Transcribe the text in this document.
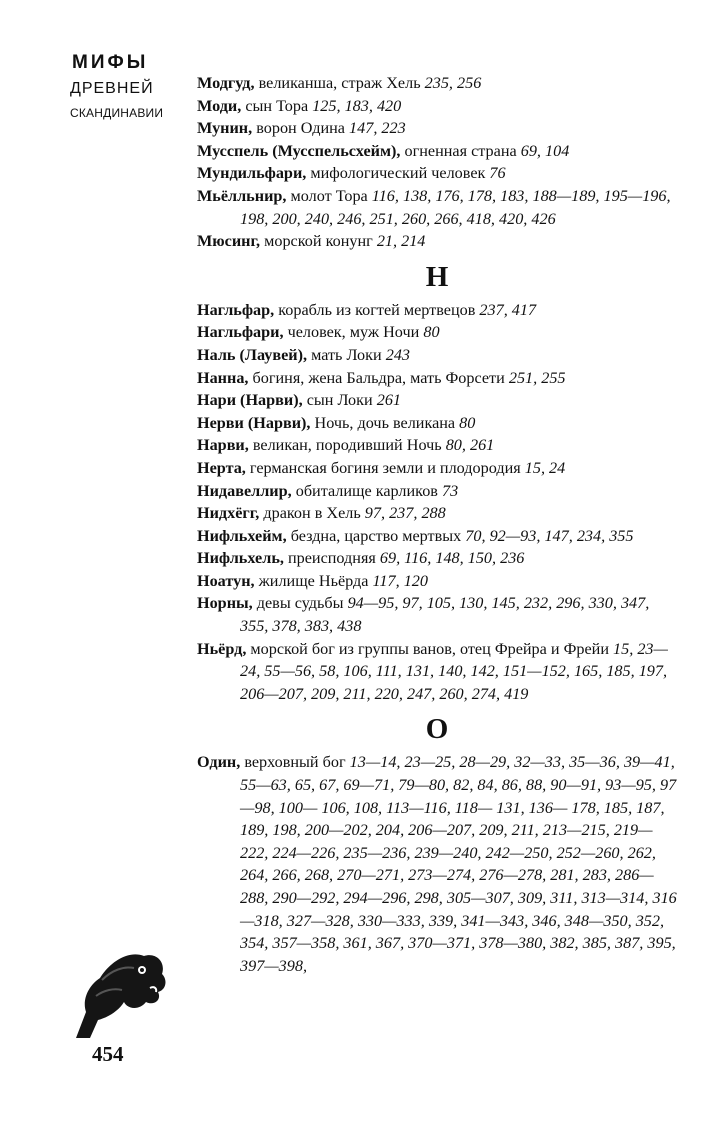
МИФЫ
ДРЕВНЕЙ
СКАНДИНАВИИ
454

Модгуд, великанша, страж Хель 235, 256

Моди, сын Тора 125, 183, 420

Мунин, ворон Одина 147, 223

Мусспель (Мусспельсхейм), огненная страна 69, 104

Мундильфари, мифологический человек 76

Мьёлльнир, молот Тора 116, 138, 176, 178, 183, 188—189, 195—196, 198, 200, 240, 246, 251, 260, 266, 418, 420, 426

Мюсинг, морской конунг 21, 214

Н

Нагльфар, корабль из когтей мертвецов 237, 417

Нагльфари, человек, муж Ночи 80

Наль (Лаувей), мать Локи 243

Нанна, богиня, жена Бальдра, мать Форсети 251, 255

Нари (Нарви), сын Локи 261

Нерви (Нарви), Ночь, дочь великана 80

Нарви, великан, породивший Ночь 80, 261

Нерта, германская богиня земли и плодородия 15, 24

Нидавеллир, обиталище карликов 73

Нидхёгг, дракон в Хель 97, 237, 288

Нифльхейм, бездна, царство мертвых 70, 92—93, 147, 234, 355

Нифльхель, преисподняя 69, 116, 148, 150, 236

Ноатун, жилище Ньёрда 117, 120

Норны, девы судьбы 94—95, 97, 105, 130, 145, 232, 296, 330, 347, 355, 378, 383, 438

Ньёрд, морской бог из группы ванов, отец Фрейра и Фрейи 15, 23—24, 55—56, 58, 106, 111, 131, 140, 142, 151—152, 165, 185, 197, 206—207, 209, 211, 220, 247, 260, 274, 419

О

Один, верховный бог 13—14, 23—25, 28—29, 32—33, 35—36, 39—41, 55—63, 65, 67, 69—71, 79—80, 82, 84, 86, 88, 90—91, 93—95, 97—98, 100— 106, 108, 113—116, 118— 131, 136— 178, 185, 187, 189, 198, 200—202, 204, 206—207, 209, 211, 213—215, 219—222, 224—226, 235—236, 239—240, 242—250, 252—260, 262, 264, 266, 268, 270—271, 273—274, 276—278, 281, 283, 286—288, 290—292, 294—296, 298, 305—307, 309, 311, 313—314, 316—318, 327—328, 330—333, 339, 341—343, 346, 348—350, 352, 354, 357—358, 361, 367, 370—371, 378—380, 382, 385, 387, 395, 397—398,
